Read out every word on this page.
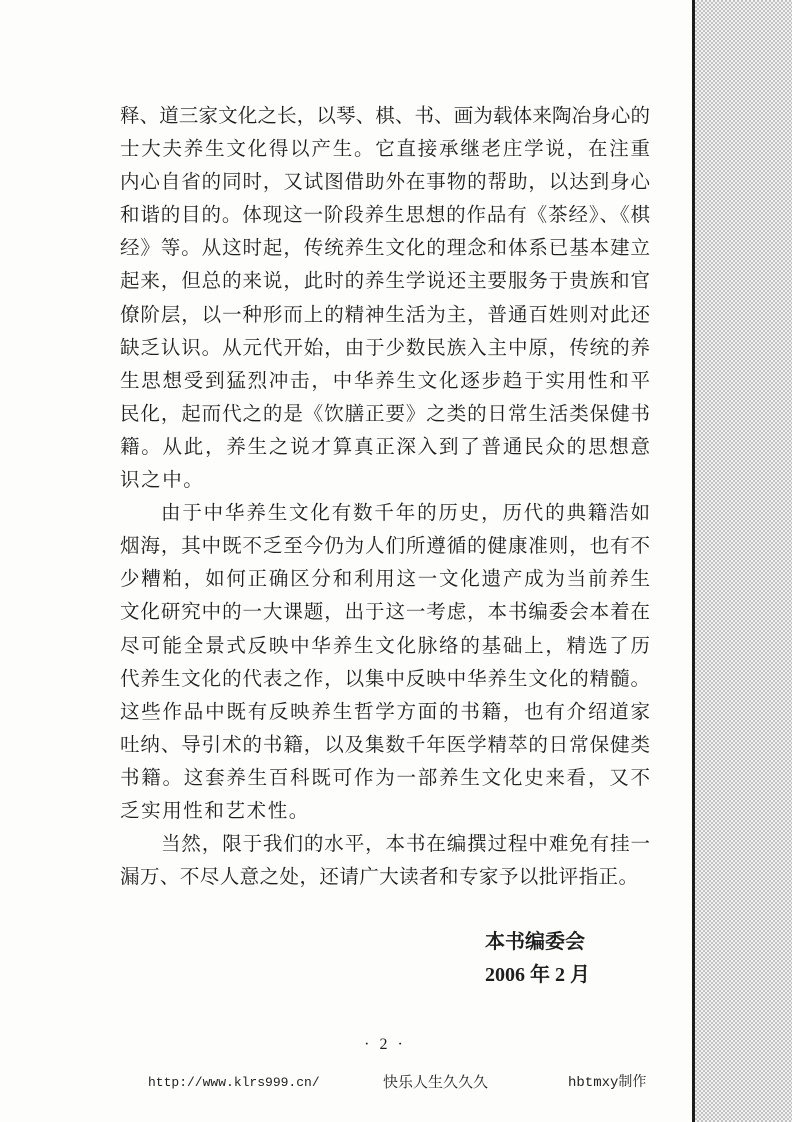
释、道三家文化之长，以琴、棋、书、画为载体来陶冶身心的
士大夫养生文化得以产生。它直接承继老庄学说，在注重
内心自省的同时，又试图借助外在事物的帮助，以达到身心
和谐的目的。体现这一阶段养生思想的作品有《茶经》、《棋
经》等。从这时起，传统养生文化的理念和体系已基本建立
起来，但总的来说，此时的养生学说还主要服务于贵族和官
僚阶层，以一种形而上的精神生活为主，普通百姓则对此还
缺乏认识。从元代开始，由于少数民族入主中原，传统的养
生思想受到猛烈冲击，中华养生文化逐步趋于实用性和平
民化，起而代之的是《饮膳正要》之类的日常生活类保健书
籍。从此，养生之说才算真正深入到了普通民众的思想意
识之中。
由于中华养生文化有数千年的历史，历代的典籍浩如
烟海，其中既不乏至今仍为人们所遵循的健康准则，也有不
少糟粕，如何正确区分和利用这一文化遗产成为当前养生
文化研究中的一大课题，出于这一考虑，本书编委会本着在
尽可能全景式反映中华养生文化脉络的基础上，精选了历
代养生文化的代表之作，以集中反映中华养生文化的精髓。
这些作品中既有反映养生哲学方面的书籍，也有介绍道家
吐纳、导引术的书籍，以及集数千年医学精萃的日常保健类
书籍。这套养生百科既可作为一部养生文化史来看，又不
乏实用性和艺术性。
当然，限于我们的水平，本书在编撰过程中难免有挂一
漏万、不尽人意之处，还请广大读者和专家予以批评指正。
本书编委会
2006 年 2 月
· 2 ·
http://www.klrs999.cn/	快乐人生久久久	hbtmxy制作
